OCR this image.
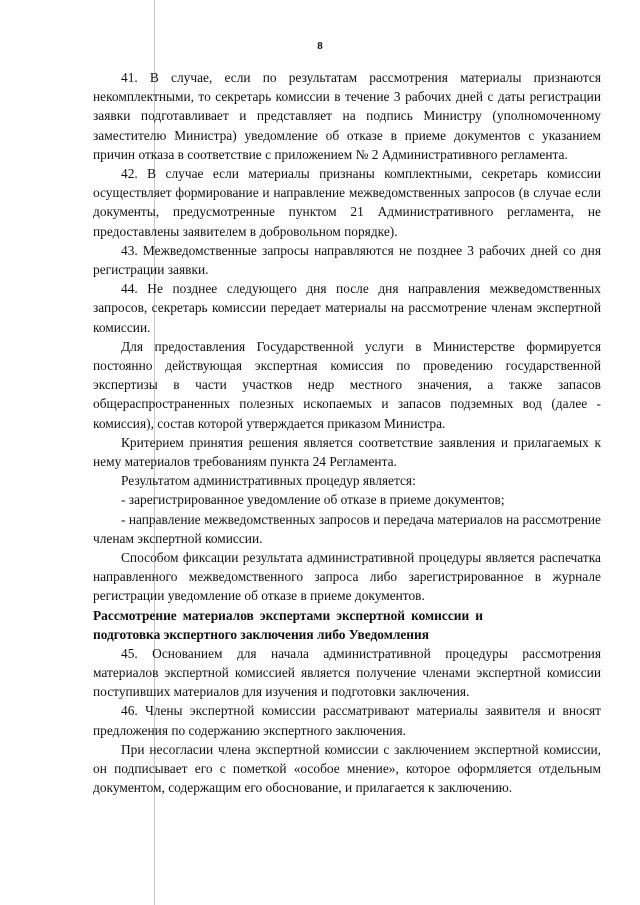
8

41. В случае, если по результатам рассмотрения материалы признаются некомплектными, то секретарь комиссии в течение 3 рабочих дней с даты регистрации заявки подготавливает и представляет на подпись Министру (уполномоченному заместителю Министра) уведомление об отказе в приеме документов с указанием причин отказа в соответствие с приложением № 2 Административного регламента.

42. В случае если материалы признаны комплектными, секретарь комиссии осуществляет формирование и направление межведомственных запросов (в случае если документы, предусмотренные пунктом 21 Административного регламента, не предоставлены заявителем в добровольном порядке).

43. Межведомственные запросы направляются не позднее 3 рабочих дней со дня регистрации заявки.

44. Не позднее следующего дня после дня направления межведомственных запросов, секретарь комиссии передает материалы на рассмотрение членам экспертной комиссии.

Для предоставления Государственной услуги в Министерстве формируется постоянно действующая экспертная комиссия по проведению государственной экспертизы в части участков недр местного значения, а также запасов общераспространенных полезных ископаемых и запасов подземных вод (далее - комиссия), состав которой утверждается приказом Министра.

Критерием принятия решения является соответствие заявления и прилагаемых к нему материалов требованиям пункта 24 Регламента.

Результатом административных процедур является:

- зарегистрированное уведомление об отказе в приеме документов;

- направление межведомственных запросов и передача материалов на рассмотрение членам экспертной комиссии.

Способом фиксации результата административной процедуры является распечатка направленного межведомственного запроса либо зарегистрированное в журнале регистрации уведомление об отказе в приеме документов.

Рассмотрение материалов экспертами экспертной комиссии и подготовка экспертного заключения либо Уведомления

45. Основанием для начала административной процедуры рассмотрения материалов экспертной комиссией является получение членами экспертной комиссии поступивших материалов для изучения и подготовки заключения.

46. Члены экспертной комиссии рассматривают материалы заявителя и вносят предложения по содержанию экспертного заключения.

При несогласии члена экспертной комиссии с заключением экспертной комиссии, он подписывает его с пометкой «особое мнение», которое оформляется отдельным документом, содержащим его обоснование, и прилагается к заключению.
